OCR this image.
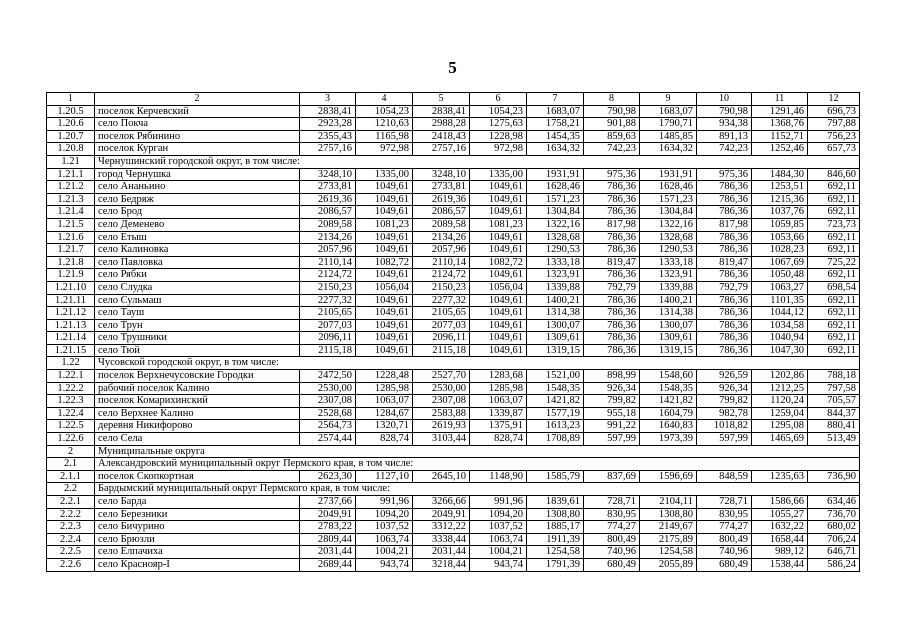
5
1	2	3	4	5	6	7	8	9	10	11	12
1.20.5	поселок Керчевский	2838,41	1054,23	2838,41	1054,23	1683,07	790,98	1683,07	790,98	1291,46	696,73
1.20.6	село Покча	2923,28	1210,63	2988,28	1275,63	1758,21	901,88	1790,71	934,38	1368,76	797,88
1.20.7	поселок Рябинино	2355,43	1165,98	2418,43	1228,98	1454,35	859,63	1485,85	891,13	1152,71	756,23
1.20.8	поселок Курган	2757,16	972,98	2757,16	972,98	1634,32	742,23	1634,32	742,23	1252,46	657,73
1.21	Чернушинский городской округ, в том числе:										
1.21.1	город Чернушка	3248,10	1335,00	3248,10	1335,00	1931,91	975,36	1931,91	975,36	1484,30	846,60
1.21.2	село Ананьино	2733,81	1049,61	2733,81	1049,61	1628,46	786,36	1628,46	786,36	1253,51	692,11
1.21.3	село Бедряж	2619,36	1049,61	2619,36	1049,61	1571,23	786,36	1571,23	786,36	1215,36	692,11
1.21.4	село Брод	2086,57	1049,61	2086,57	1049,61	1304,84	786,36	1304,84	786,36	1037,76	692,11
1.21.5	село Деменево	2089,58	1081,23	2089,58	1081,23	1322,16	817,98	1322,16	817,98	1059,85	723,73
1.21.6	село Етыш	2134,26	1049,61	2134,26	1049,61	1328,68	786,36	1328,68	786,36	1053,66	692,11
1.21.7	село Калиновка	2057,96	1049,61	2057,96	1049,61	1290,53	786,36	1290,53	786,36	1028,23	692,11
1.21.8	село Павловка	2110,14	1082,72	2110,14	1082,72	1333,18	819,47	1333,18	819,47	1067,69	725,22
1.21.9	село Рябки	2124,72	1049,61	2124,72	1049,61	1323,91	786,36	1323,91	786,36	1050,48	692,11
1.21.10	село Слудка	2150,23	1056,04	2150,23	1056,04	1339,88	792,79	1339,88	792,79	1063,27	698,54
1.21.11	село Сульмаш	2277,32	1049,61	2277,32	1049,61	1400,21	786,36	1400,21	786,36	1101,35	692,11
1.21.12	село Тауш	2105,65	1049,61	2105,65	1049,61	1314,38	786,36	1314,38	786,36	1044,12	692,11
1.21.13	село Трун	2077,03	1049,61	2077,03	1049,61	1300,07	786,36	1300,07	786,36	1034,58	692,11
1.21.14	село Трушники	2096,11	1049,61	2096,11	1049,61	1309,61	786,36	1309,61	786,36	1040,94	692,11
1.21.15	село Тюй	2115,18	1049,61	2115,18	1049,61	1319,15	786,36	1319,15	786,36	1047,30	692,11
1.22	Чусовской городской округ, в том числе:										
1.22.1	поселок Верхнечусовские Городки	2472,50	1228,48	2527,70	1283,68	1521,00	898,99	1548,60	926,59	1202,86	788,18
1.22.2	рабочий поселок Калино	2530,00	1285,98	2530,00	1285,98	1548,35	926,34	1548,35	926,34	1212,25	797,58
1.22.3	поселок Комарихинский	2307,08	1063,07	2307,08	1063,07	1421,82	799,82	1421,82	799,82	1120,24	705,57
1.22.4	село Верхнее Калино	2528,68	1284,67	2583,88	1339,87	1577,19	955,18	1604,79	982,78	1259,04	844,37
1.22.5	деревня Никифорово	2564,73	1320,71	2619,93	1375,91	1613,23	991,22	1640,83	1018,82	1295,08	880,41
1.22.6	село Села	2574,44	828,74	3103,44	828,74	1708,89	597,99	1973,39	597,99	1465,69	513,49
2	Муниципальные округа										
2.1	Александровский муниципальный округ Пермского края, в том числе:										
2.1.1	поселок Скопкортная	2623,30	1127,10	2645,10	1148,90	1585,79	837,69	1596,69	848,59	1235,63	736,90
2.2	Бардымский муниципальный округ Пермского края, в том числе:										
2.2.1	село Барда	2737,66	991,96	3266,66	991,96	1839,61	728,71	2104,11	728,71	1586,66	634,46
2.2.2	село Березники	2049,91	1094,20	2049,91	1094,20	1308,80	830,95	1308,80	830,95	1055,27	736,70
2.2.3	село Бичурино	2783,22	1037,52	3312,22	1037,52	1885,17	774,27	2149,67	774,27	1632,22	680,02
2.2.4	село Брюзли	2809,44	1063,74	3338,44	1063,74	1911,39	800,49	2175,89	800,49	1658,44	706,24
2.2.5	село Елпачиха	2031,44	1004,21	2031,44	1004,21	1254,58	740,96	1254,58	740,96	989,12	646,71
2.2.6	село Краснояр-I	2689,44	943,74	3218,44	943,74	1791,39	680,49	2055,89	680,49	1538,44	586,24
